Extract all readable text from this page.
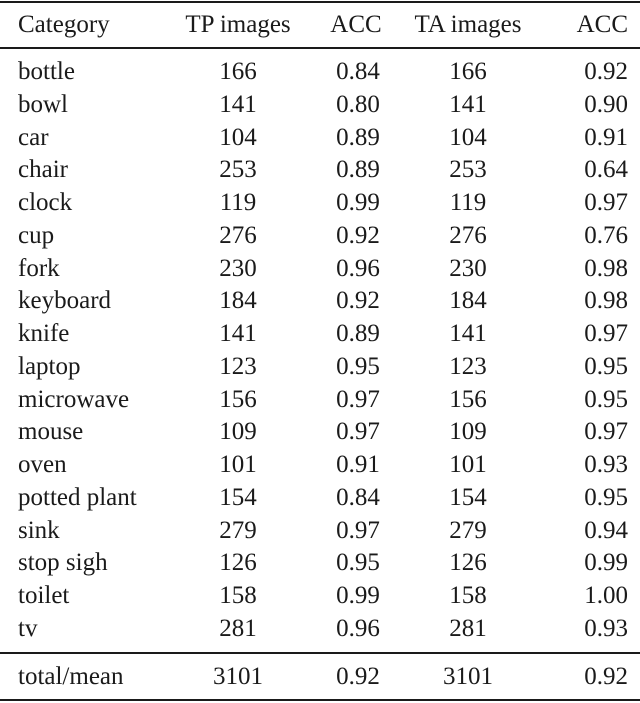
Category	TP images	ACC	TA images	ACC
bottle	166	0.84	166	0.92
bowl	141	0.80	141	0.90
car	104	0.89	104	0.91
chair	253	0.89	253	0.64
clock	119	0.99	119	0.97
cup	276	0.92	276	0.76
fork	230	0.96	230	0.98
keyboard	184	0.92	184	0.98
knife	141	0.89	141	0.97
laptop	123	0.95	123	0.95
microwave	156	0.97	156	0.95
mouse	109	0.97	109	0.97
oven	101	0.91	101	0.93
potted plant	154	0.84	154	0.95
sink	279	0.97	279	0.94
stop sigh	126	0.95	126	0.99
toilet	158	0.99	158	1.00
tv	281	0.96	281	0.93
total/mean	3101	0.92	3101	0.92
